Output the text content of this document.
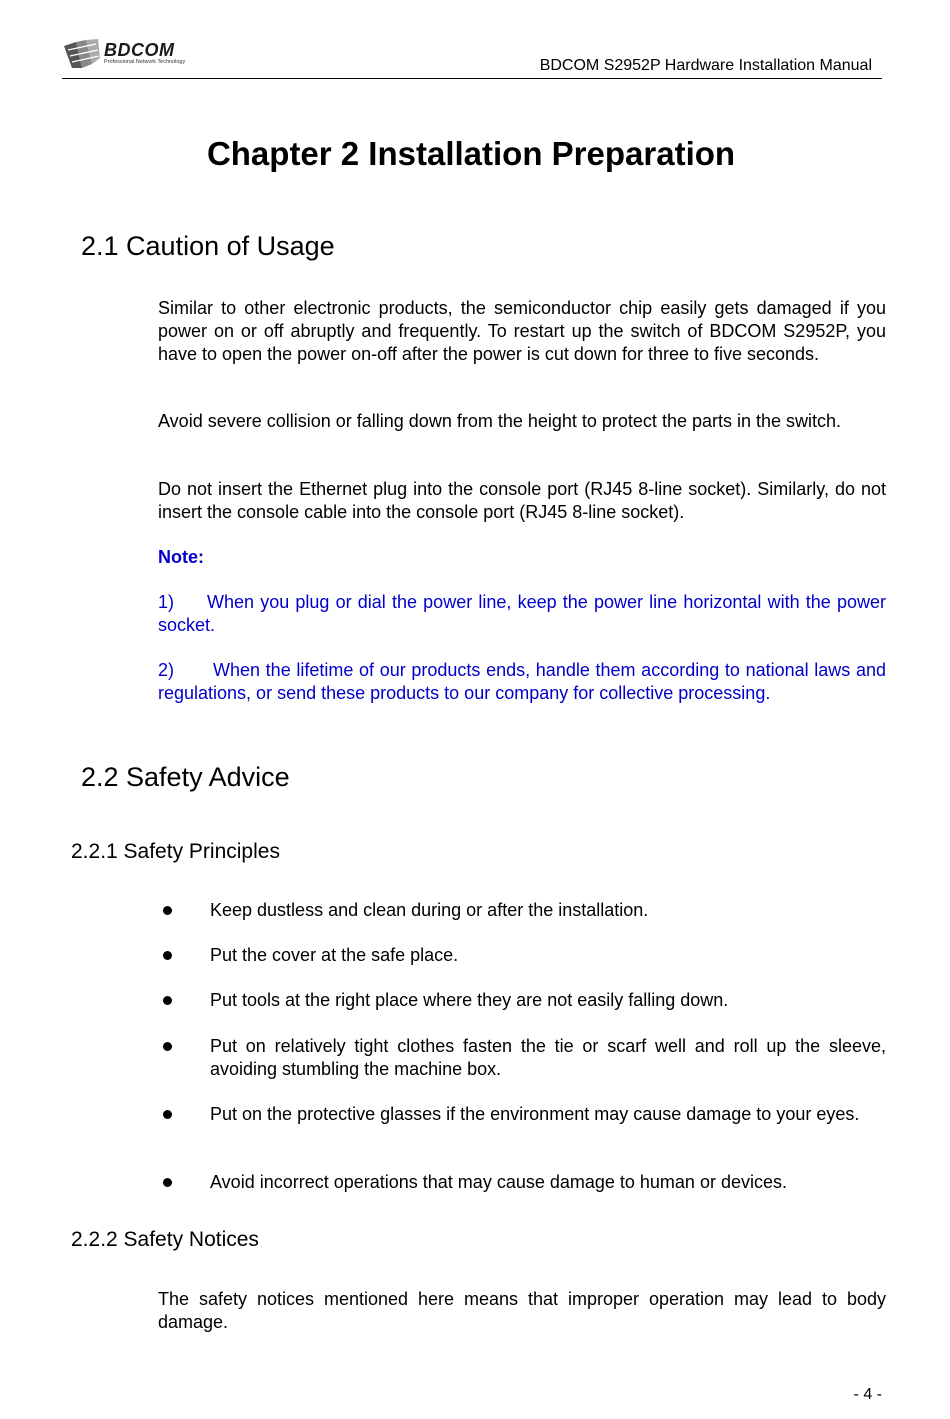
BDCOM
Professional Network Technology	BDCOM S2952P Hardware Installation Manual
Chapter 2 Installation Preparation
2.1 Caution of Usage

Similar to other electronic products, the semiconductor chip easily gets damaged if you power on or off abruptly and frequently. To restart up the switch of BDCOM S2952P, you have to open the power on-off after the power is cut down for three to five seconds.

Avoid severe collision or falling down from the height to protect the parts in the switch.

Do not insert the Ethernet plug into the console port (RJ45 8-line socket). Similarly, do not insert the console cable into the console port (RJ45 8-line socket).

Note:

1) When you plug or dial the power line, keep the power line horizontal with the power socket.

2) When the lifetime of our products ends, handle them according to national laws and regulations, or send these products to our company for collective processing.

2.2 Safety Advice
2.2.1 Safety Principles
Keep dustless and clean during or after the installation.
Put the cover at the safe place.
Put tools at the right place where they are not easily falling down.
Put on relatively tight clothes fasten the tie or scarf well and roll up the sleeve, avoiding stumbling the machine box.
Put on the protective glasses if the environment may cause damage to your eyes.
Avoid incorrect operations that may cause damage to human or devices.
2.2.2 Safety Notices

The safety notices mentioned here means that improper operation may lead to body damage.

- 4 -
